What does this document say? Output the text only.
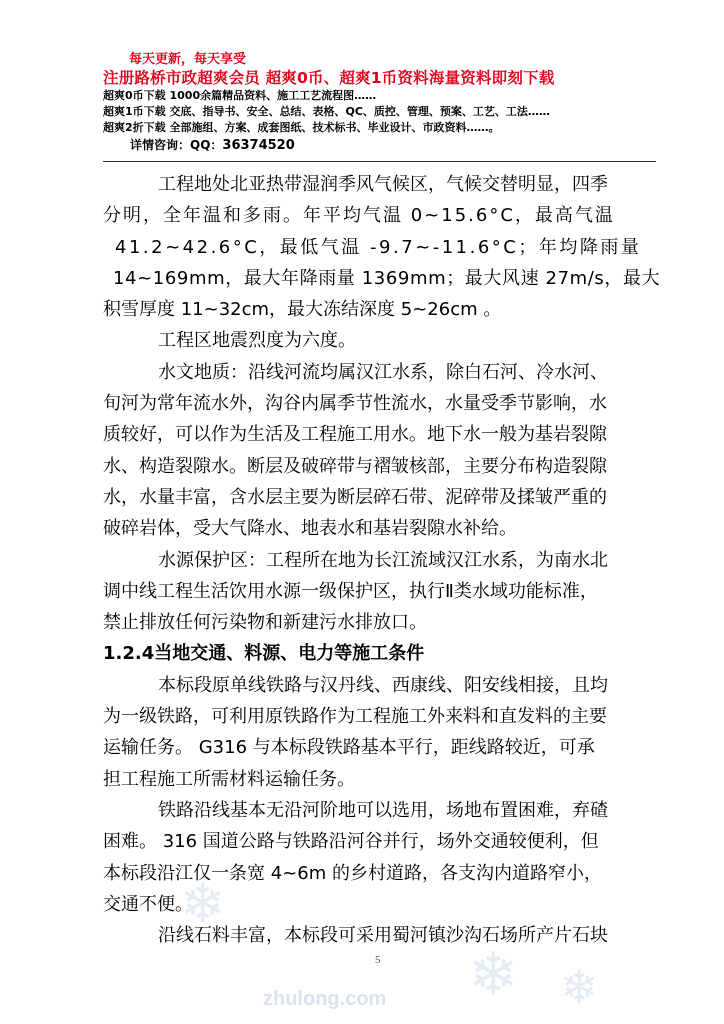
每天更新，每天享受
注册路桥市政超爽会员 超爽0币、超爽1币资料海量资料即刻下载
超爽0币下载 1000余篇精品资料、施工工艺流程图……
超爽1币下载 交底、指导书、安全、总结、表格、QC、质控、管理、预案、工艺、工法……
超爽2折下载 全部施组、方案、成套图纸、技术标书、毕业设计、市政资料……。
详情咨询：QQ：36374520

工程地处北亚热带湿润季风气候区，气候交替明显，四季

分明，全年温和多雨。年平均气温 0~15.6°C，最高气温

41.2~42.6°C，最低气温 -9.7~-11.6°C；年均降雨量

14~169mm，最大年降雨量 1369mm；最大风速 27m/s，最大

积雪厚度 11~32cm，最大冻结深度 5~26cm 。

工程区地震烈度为六度。

水文地质：沿线河流均属汉江水系，除白石河、冷水河、

旬河为常年流水外，沟谷内属季节性流水，水量受季节影响，水

质较好，可以作为生活及工程施工用水。地下水一般为基岩裂隙

水、构造裂隙水。断层及破碎带与褶皱核部，主要分布构造裂隙

水，水量丰富，含水层主要为断层碎石带、泥碎带及揉皱严重的

破碎岩体，受大气降水、地表水和基岩裂隙水补给。

水源保护区：工程所在地为长江流域汉江水系，为南水北

调中线工程生活饮用水源一级保护区，执行Ⅱ类水域功能标准，

禁止排放任何污染物和新建污水排放口。

1.2.4当地交通、料源、电力等施工条件

本标段原单线铁路与汉丹线、西康线、阳安线相接，且均

为一级铁路，可利用原铁路作为工程施工外来料和直发料的主要

运输任务。 G316 与本标段铁路基本平行，距线路较近，可承

担工程施工所需材料运输任务。

铁路沿线基本无沿河阶地可以选用，场地布置困难，弃碴

困难。 316 国道公路与铁路沿河谷并行，场外交通较便利，但

本标段沿江仅一条宽 4~6m 的乡村道路，各支沟内道路窄小，

交通不便。

沿线石料丰富，本标段可采用蜀河镇沙沟石场所产片石块

5
❄
❄ ❄
zhulong.com
